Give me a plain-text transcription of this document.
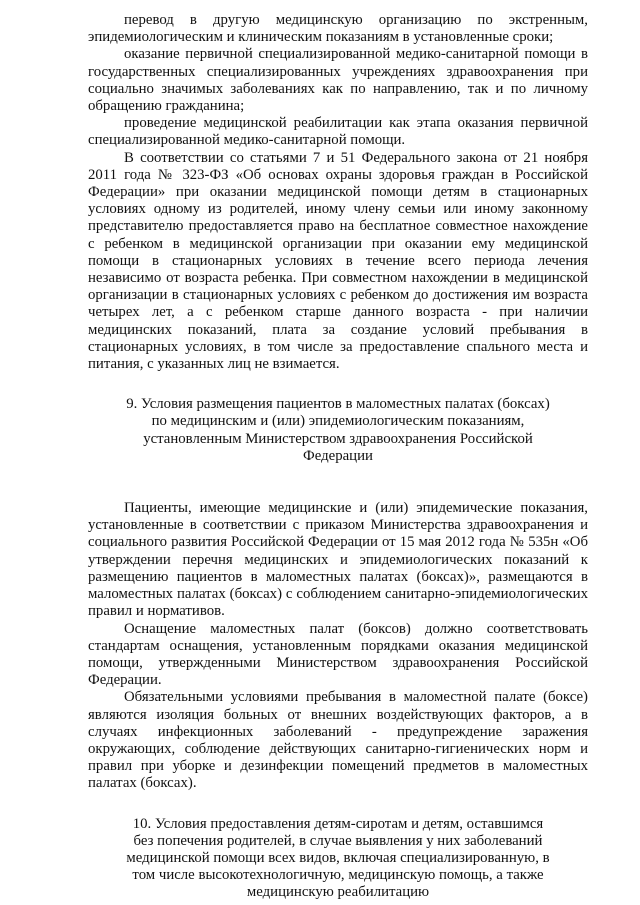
перевод в другую медицинскую организацию по экстренным, эпидемиологическим и клиническим показаниям в установленные сроки;

оказание первичной специализированной медико-санитарной помощи в государственных специализированных учреждениях здравоохранения при социально значимых заболеваниях как по направлению, так и по личному обращению гражданина;

проведение медицинской реабилитации как этапа оказания первичной специализированной медико-санитарной помощи.

В соответствии со статьями 7 и 51 Федерального закона от 21 ноября 2011 года № 323-ФЗ «Об основах охраны здоровья граждан в Российской Федерации» при оказании медицинской помощи детям в стационарных условиях одному из родителей, иному члену семьи или иному законному представителю предоставляется право на бесплатное совместное нахождение с ребенком в медицинской организации при оказании ему медицинской помощи в стационарных условиях в течение всего периода лечения независимо от возраста ребенка. При совместном нахождении в медицинской организации в стационарных условиях с ребенком до достижения им возраста четырех лет, а с ребенком старше данного возраста - при наличии медицинских показаний, плата за создание условий пребывания в стационарных условиях, в том числе за предоставление спального места и питания, с указанных лиц не взимается.

9. Условия размещения пациентов в маломестных палатах (боксах) по медицинским и (или) эпидемиологическим показаниям, установленным Министерством здравоохранения Российской Федерации

Пациенты, имеющие медицинские и (или) эпидемические показания, установленные в соответствии с приказом Министерства здравоохранения и социального развития Российской Федерации от 15 мая 2012 года № 535н «Об утверждении перечня медицинских и эпидемиологических показаний к размещению пациентов в маломестных палатах (боксах)», размещаются в маломестных палатах (боксах) с соблюдением санитарно-эпидемиологических правил и нормативов.

Оснащение маломестных палат (боксов) должно соответствовать стандартам оснащения, установленным порядками оказания медицинской помощи, утвержденными Министерством здравоохранения Российской Федерации.

Обязательными условиями пребывания в маломестной палате (боксе) являются изоляция больных от внешних воздействующих факторов, а в случаях инфекционных заболеваний - предупреждение заражения окружающих, соблюдение действующих санитарно-гигиенических норм и правил при уборке и дезинфекции помещений предметов в маломестных палатах (боксах).

10. Условия предоставления детям-сиротам и детям, оставшимся без попечения родителей, в случае выявления у них заболеваний медицинской помощи всех видов, включая специализированную, в том числе высокотехнологичную, медицинскую помощь, а также медицинскую реабилитацию
